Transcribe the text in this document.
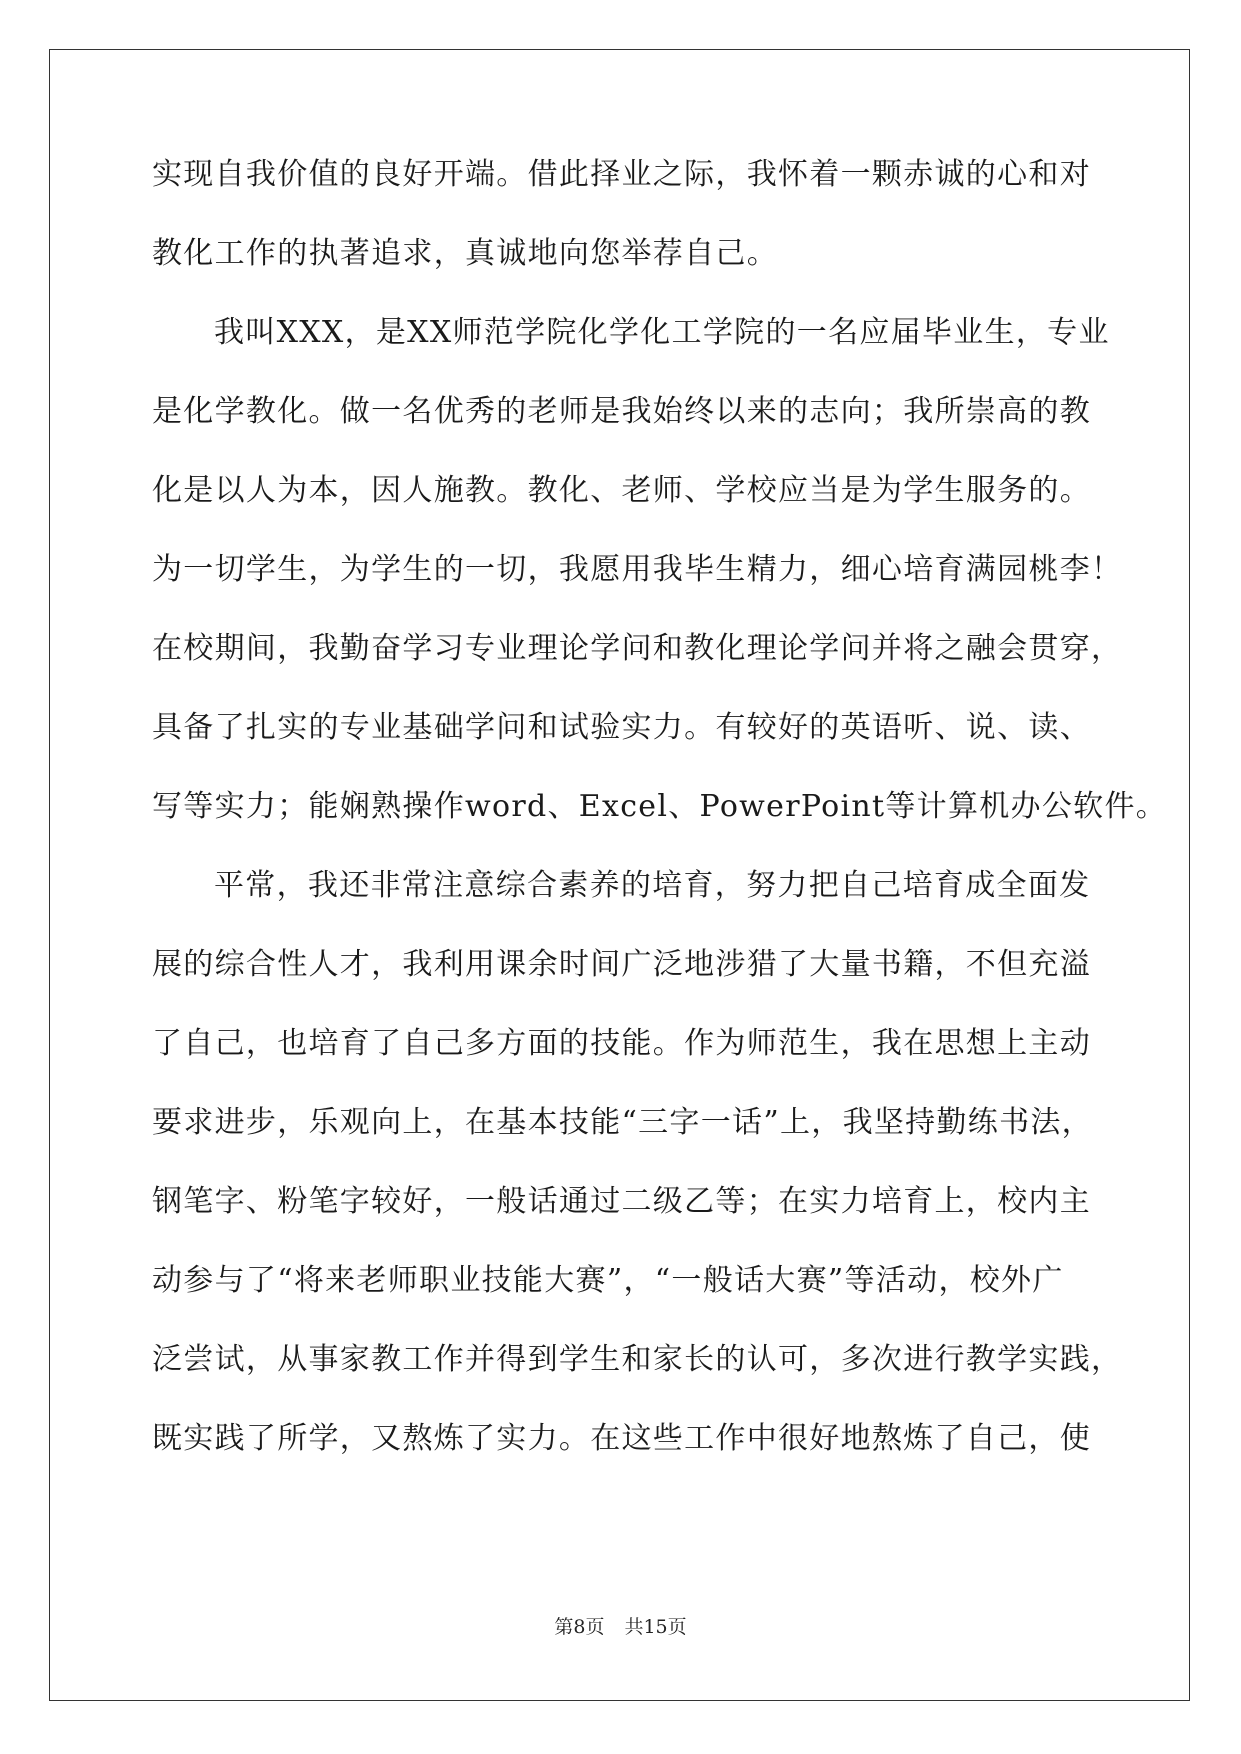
实现自我价值的良好开端。借此择业之际，我怀着一颗赤诚的心和对
教化工作的执著追求，真诚地向您举荐自己。
我叫XXX，是XX师范学院化学化工学院的一名应届毕业生，专业
是化学教化。做一名优秀的老师是我始终以来的志向；我所崇高的教
化是以人为本，因人施教。教化、老师、学校应当是为学生服务的。
为一切学生，为学生的一切，我愿用我毕生精力，细心培育满园桃李！
在校期间，我勤奋学习专业理论学问和教化理论学问并将之融会贯穿，
具备了扎实的专业基础学问和试验实力。有较好的英语听、说、读、
写等实力；能娴熟操作word、Excel、PowerPoint等计算机办公软件。
平常，我还非常注意综合素养的培育，努力把自己培育成全面发
展的综合性人才，我利用课余时间广泛地涉猎了大量书籍，不但充溢
了自己，也培育了自己多方面的技能。作为师范生，我在思想上主动
要求进步，乐观向上，在基本技能“三字一话”上，我坚持勤练书法，
钢笔字、粉笔字较好，一般话通过二级乙等；在实力培育上，校内主
动参与了“将来老师职业技能大赛”，“一般话大赛”等活动，校外广
泛尝试，从事家教工作并得到学生和家长的认可，多次进行教学实践，
既实践了所学，又熬炼了实力。在这些工作中很好地熬炼了自己，使
第8页 共15页
